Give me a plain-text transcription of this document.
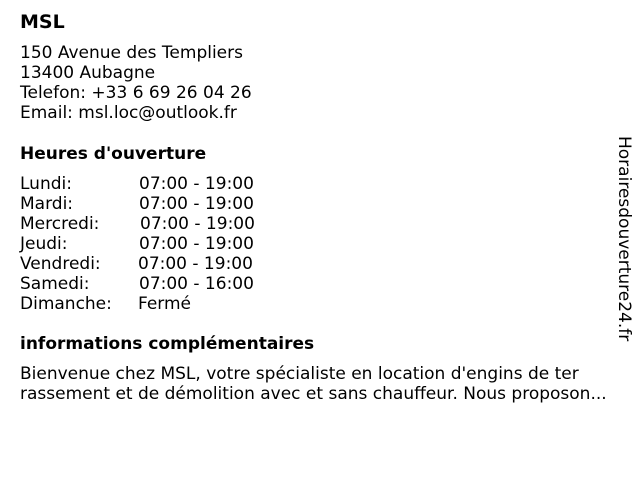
MSL
150 Avenue des Templiers
13400 Aubagne
Telefon: +33 6 69 26 04 26
Email: msl.loc@outlook.fr
Heures d'ouverture
Lundi:	07:00 - 19:00
Mardi:	07:00 - 19:00
Mercredi: 07:00 - 19:00
Jeudi:	07:00 - 19:00
Vendredi: 07:00 - 19:00
Samedi:	07:00 - 16:00
Dimanche: Fermé
informations complémentaires
Bienvenue chez MSL, votre spécialiste en location d'engins de ter
rassement et de démolition avec et sans chauffeur. Nous proposon...
Horairesdouverture24.fr
